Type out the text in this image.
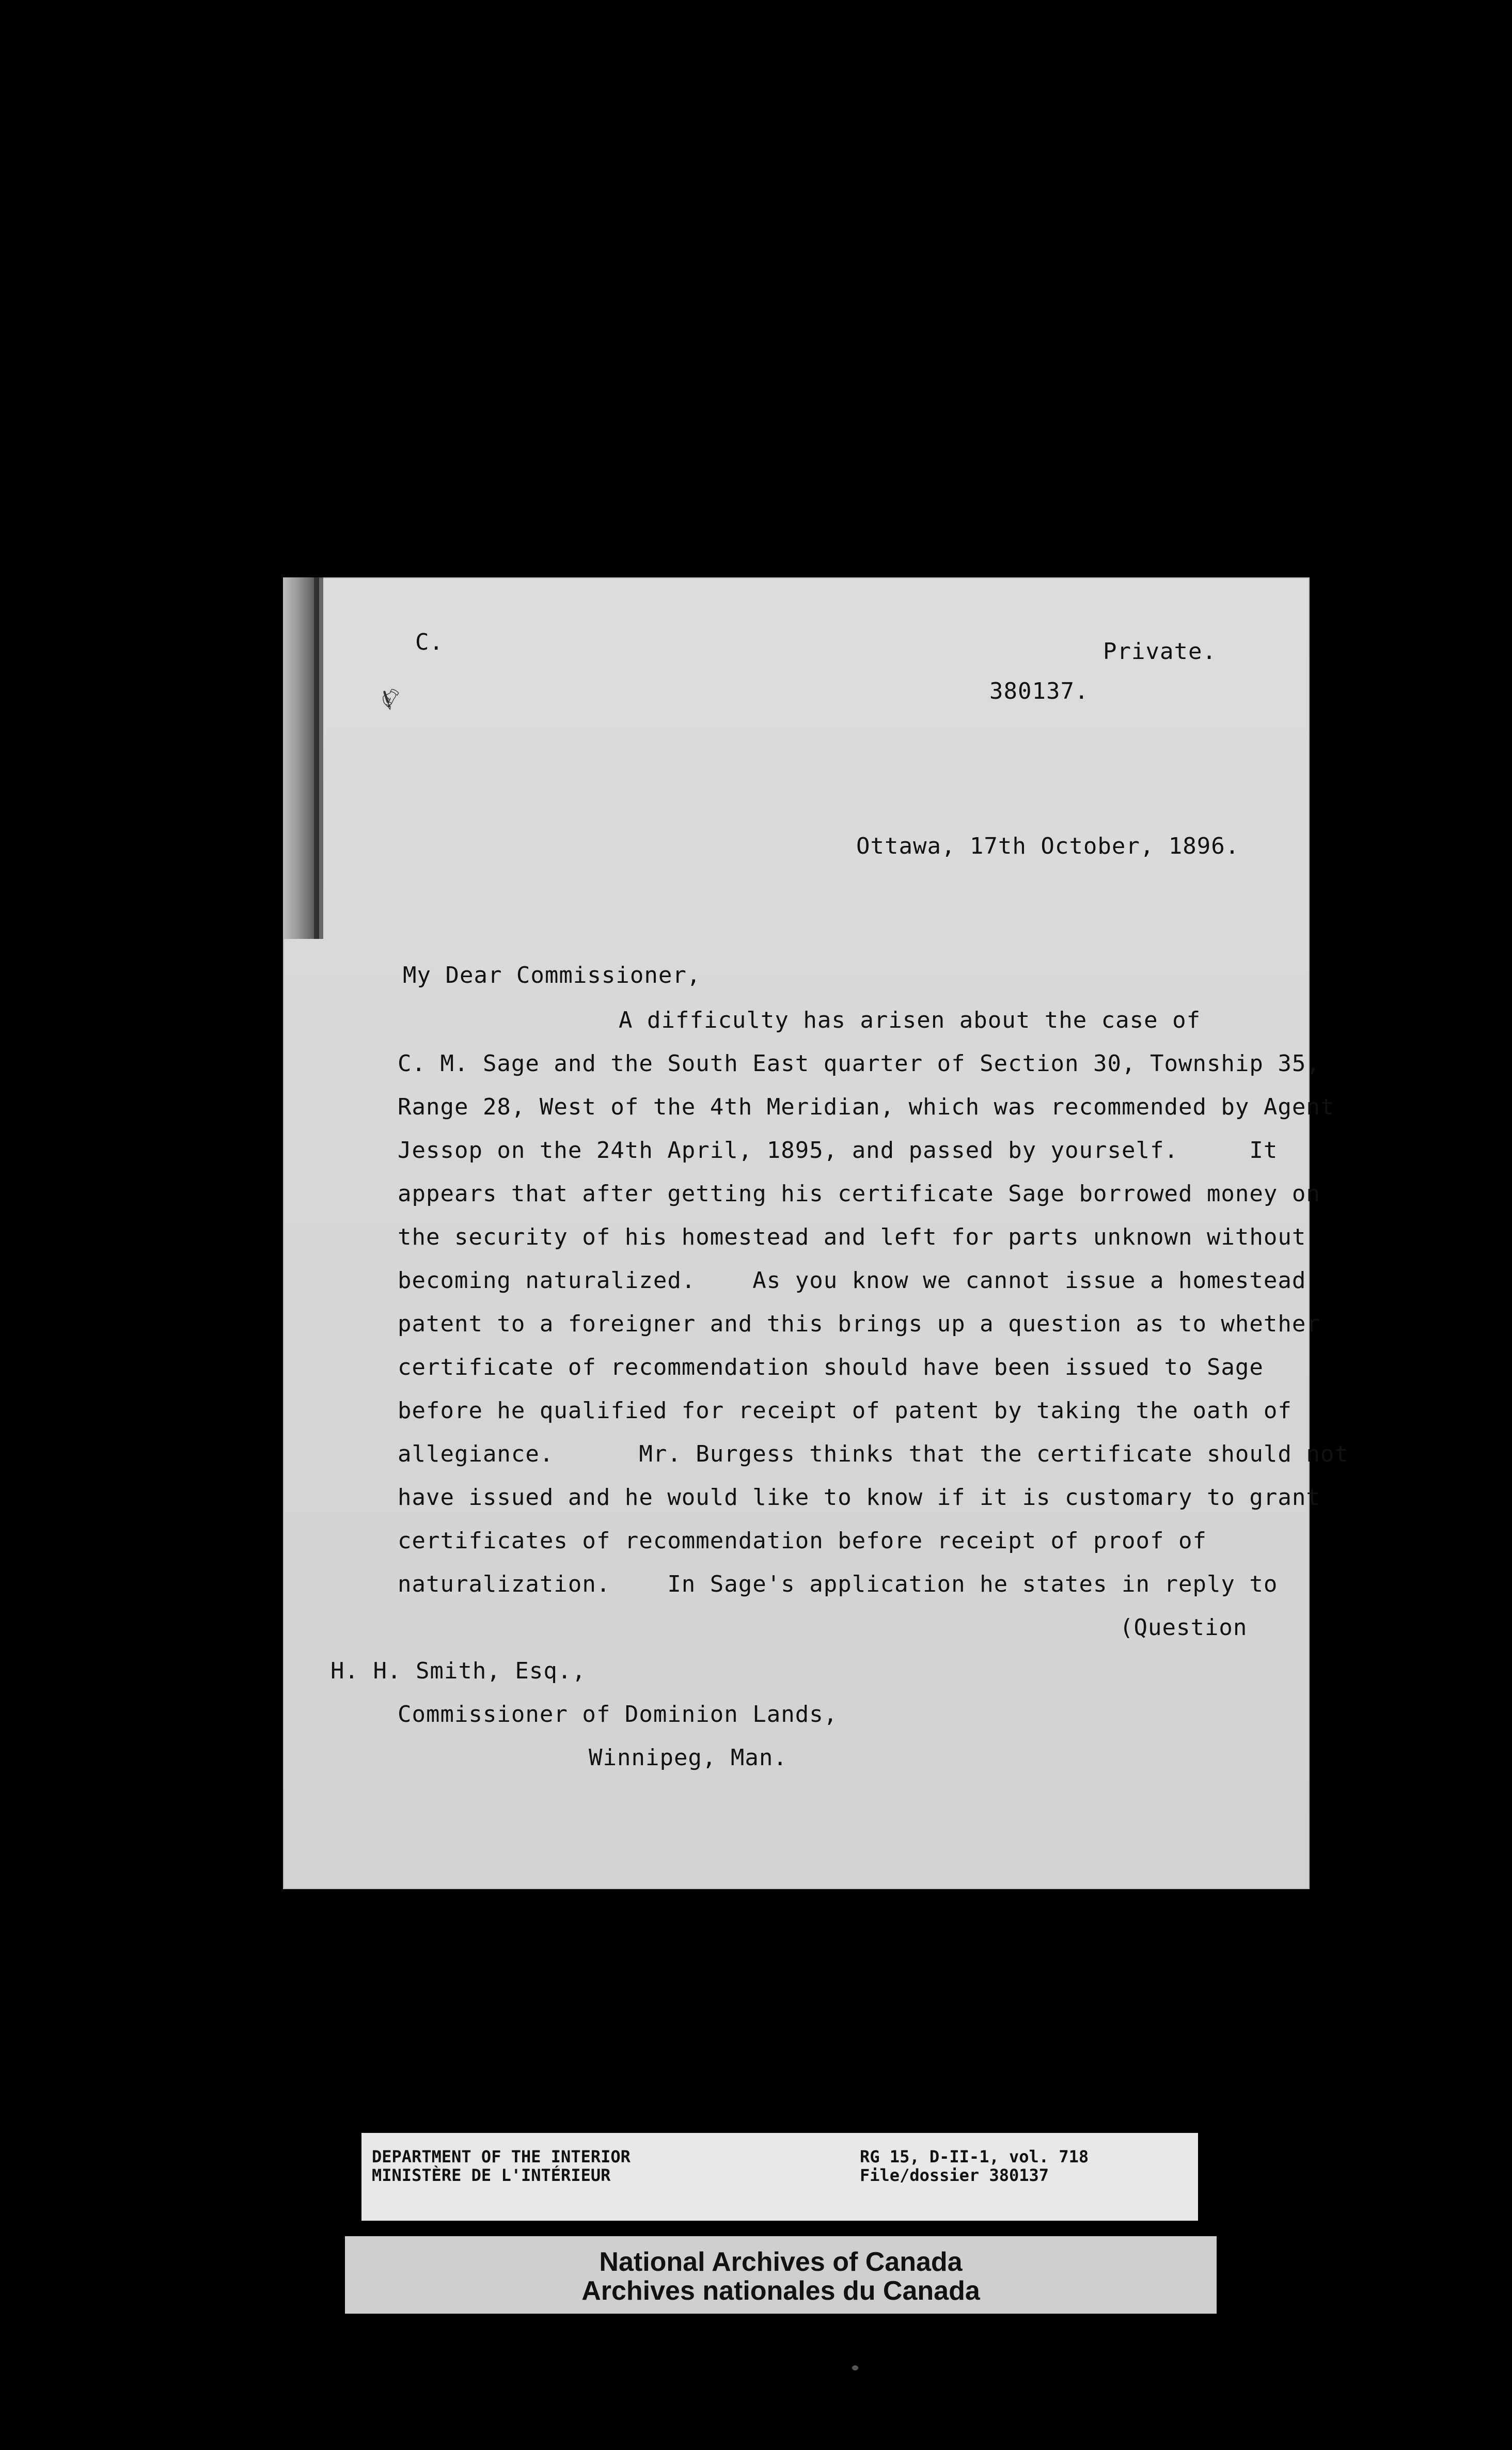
✍
C.	Private.
380137.
Ottawa, 17th October, 1896.
My Dear Commissioner,
A difficulty has arisen about the case of
C. M. Sage and the South East quarter of Section 30, Township 35,
Range 28, West of the 4th Meridian, which was recommended by Agent
Jessop on the 24th April, 1895, and passed by yourself.     It
appears that after getting his certificate Sage borrowed money on
the security of his homestead and left for parts unknown without
becoming naturalized.    As you know we cannot issue a homestead
patent to a foreigner and this brings up a question as to whether
certificate of recommendation should have been issued to Sage
before he qualified for receipt of patent by taking the oath of
allegiance.      Mr. Burgess thinks that the certificate should not
have issued and he would like to know if it is customary to grant
certificates of recommendation before receipt of proof of
naturalization.    In Sage's application he states in reply to
(Question
H. H. Smith, Esq.,
Commissioner of Dominion Lands,
Winnipeg, Man.
DEPARTMENT OF THE INTERIOR
MINISTÈRE DE L'INTÉRIEUR
RG 15, D-II-1, vol. 718
File/dossier 380137
National Archives of Canada
Archives nationales du Canada
